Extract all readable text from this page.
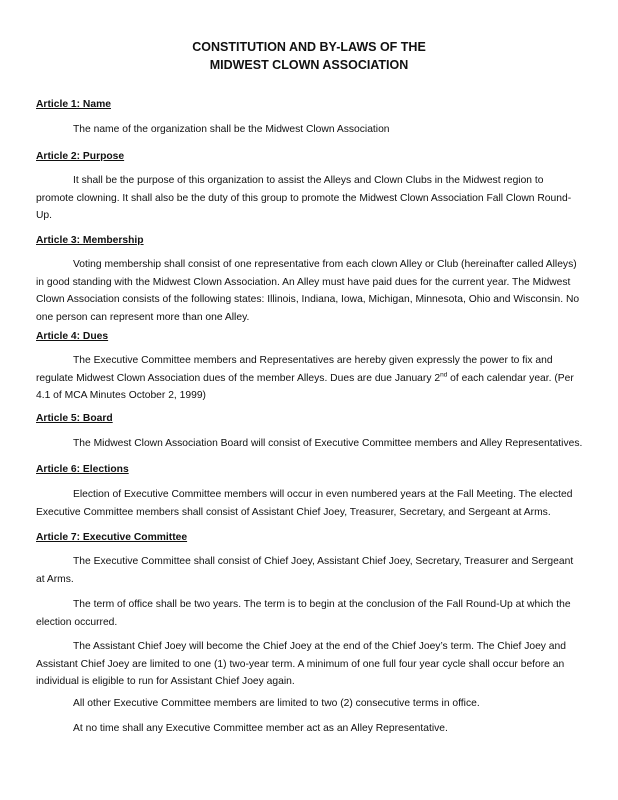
CONSTITUTION AND BY-LAWS OF THE
MIDWEST CLOWN ASSOCIATION
Article 1: Name
The name of the organization shall be the Midwest Clown Association
Article 2: Purpose
It shall be the purpose of this organization to assist the Alleys and Clown Clubs in the Midwest region to promote clowning. It shall also be the duty of this group to promote the Midwest Clown Association Fall Clown Round-Up.
Article 3: Membership
Voting membership shall consist of one representative from each clown Alley or Club (hereinafter called Alleys) in good standing with the Midwest Clown Association. An Alley must have paid dues for the current year. The Midwest Clown Association consists of the following states: Illinois, Indiana, Iowa, Michigan, Minnesota, Ohio and Wisconsin. No one person can represent more than one Alley.
Article 4: Dues
The Executive Committee members and Representatives are hereby given expressly the power to fix and regulate Midwest Clown Association dues of the member Alleys. Dues are due January 2nd of each calendar year. (Per 4.1 of MCA Minutes October 2, 1999)
Article 5: Board
The Midwest Clown Association Board will consist of Executive Committee members and Alley Representatives.
Article 6: Elections
Election of Executive Committee members will occur in even numbered years at the Fall Meeting. The elected Executive Committee members shall consist of Assistant Chief Joey, Treasurer, Secretary, and Sergeant at Arms.
Article 7: Executive Committee
The Executive Committee shall consist of Chief Joey, Assistant Chief Joey, Secretary, Treasurer and Sergeant at Arms.
The term of office shall be two years. The term is to begin at the conclusion of the Fall Round-Up at which the election occurred.
The Assistant Chief Joey will become the Chief Joey at the end of the Chief Joey’s term. The Chief Joey and Assistant Chief Joey are limited to one (1) two-year term. A minimum of one full four year cycle shall occur before an individual is eligible to run for Assistant Chief Joey again.
All other Executive Committee members are limited to two (2) consecutive terms in office.
At no time shall any Executive Committee member act as an Alley Representative.
